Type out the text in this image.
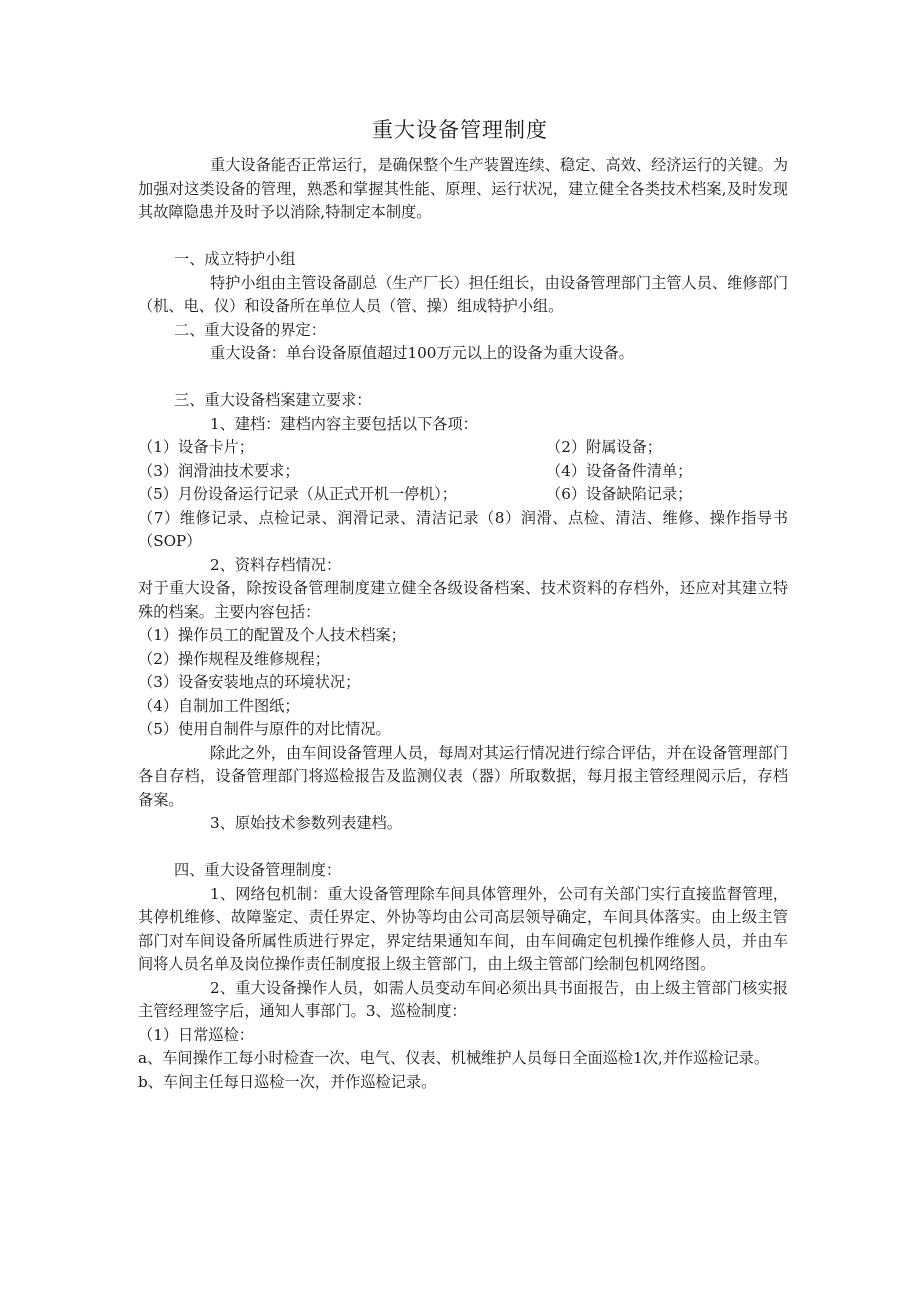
重大设备管理制度

重大设备能否正常运行，是确保整个生产装置连续、稳定、高效、经济运行的关键。为加强对这类设备的管理，熟悉和掌握其性能、原理、运行状况，建立健全各类技术档案,及时发现其故障隐患并及时予以消除,特制定本制度。

一、成立特护小组

特护小组由主管设备副总（生产厂长）担任组长，由设备管理部门主管人员、维修部门（机、电、仪）和设备所在单位人员（管、操）组成特护小组。

二、重大设备的界定：

重大设备：单台设备原值超过100万元以上的设备为重大设备。

三、重大设备档案建立要求：

1、建档：建档内容主要包括以下各项：

（1）设备卡片；	（2）附属设备；
（3）润滑油技术要求；	（4）设备备件清单；
（5）月份设备运行记录（从正式开机一停机）；	（6）设备缺陷记录；

（7）维修记录、点检记录、润滑记录、清洁记录（8）润滑、点检、清洁、维修、操作指导书（SOP）

2、资料存档情况：

对于重大设备，除按设备管理制度建立健全各级设备档案、技术资料的存档外，还应对其建立特殊的档案。主要内容包括：

（1）操作员工的配置及个人技术档案；

（2）操作规程及维修规程；

（3）设备安装地点的环境状况；

（4）自制加工件图纸；

（5）使用自制件与原件的对比情况。

除此之外，由车间设备管理人员，每周对其运行情况进行综合评估，并在设备管理部门各自存档，设备管理部门将巡检报告及监测仪表（器）所取数据，每月报主管经理阅示后，存档备案。

3、原始技术参数列表建档。

四、重大设备管理制度：

1、网络包机制：重大设备管理除车间具体管理外，公司有关部门实行直接监督管理，其停机维修、故障鉴定、责任界定、外协等均由公司高层领导确定，车间具体落实。由上级主管部门对车间设备所属性质进行界定，界定结果通知车间，由车间确定包机操作维修人员，并由车间将人员名单及岗位操作责任制度报上级主管部门，由上级主管部门绘制包机网络图。

2、重大设备操作人员，如需人员变动车间必须出具书面报告，由上级主管部门核实报主管经理签字后，通知人事部门。3、巡检制度：

（1）日常巡检：

a、车间操作工每小时检查一次、电气、仪表、机械维护人员每日全面巡检1次,并作巡检记录。

b、车间主任每日巡检一次，并作巡检记录。
